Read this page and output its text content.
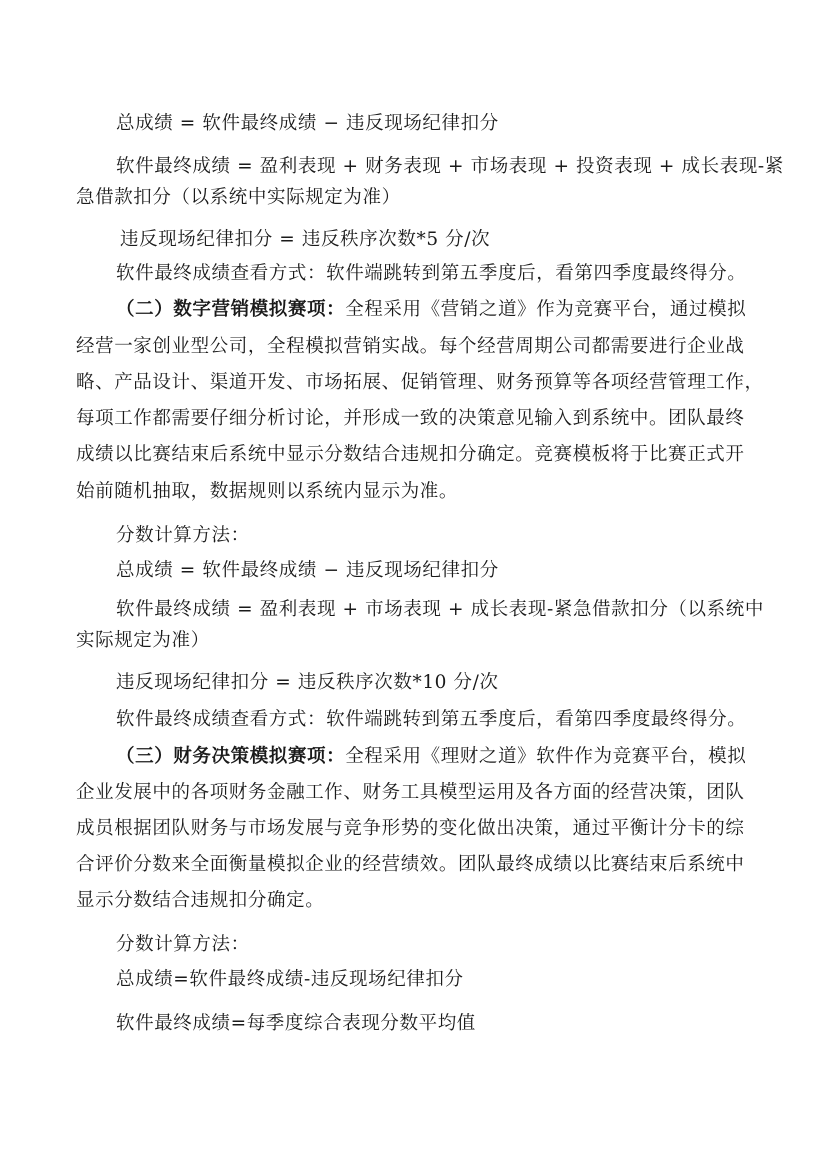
总成绩 = 软件最终成绩 − 违反现场纪律扣分
软件最终成绩 = 盈利表现 + 财务表现 + 市场表现 + 投资表现 + 成长表现-紧
急借款扣分（以系统中实际规定为准）
违反现场纪律扣分 = 违反秩序次数*5 分/次
软件最终成绩查看方式：软件端跳转到第五季度后，看第四季度最终得分。
（二）数字营销模拟赛项：全程采用《营销之道》作为竞赛平台，通过模拟
经营一家创业型公司，全程模拟营销实战。每个经营周期公司都需要进行企业战
略、产品设计、渠道开发、市场拓展、促销管理、财务预算等各项经营管理工作，
每项工作都需要仔细分析讨论，并形成一致的决策意见输入到系统中。团队最终
成绩以比赛结束后系统中显示分数结合违规扣分确定。竞赛模板将于比赛正式开
始前随机抽取，数据规则以系统内显示为准。
分数计算方法：
总成绩 = 软件最终成绩 − 违反现场纪律扣分
软件最终成绩 = 盈利表现 + 市场表现 + 成长表现-紧急借款扣分（以系统中
实际规定为准）
违反现场纪律扣分 = 违反秩序次数*10 分/次
软件最终成绩查看方式：软件端跳转到第五季度后，看第四季度最终得分。
（三）财务决策模拟赛项：全程采用《理财之道》软件作为竞赛平台，模拟
企业发展中的各项财务金融工作、财务工具模型运用及各方面的经营决策，团队
成员根据团队财务与市场发展与竞争形势的变化做出决策，通过平衡计分卡的综
合评价分数来全面衡量模拟企业的经营绩效。团队最终成绩以比赛结束后系统中
显示分数结合违规扣分确定。
分数计算方法：
总成绩=软件最终成绩-违反现场纪律扣分
软件最终成绩=每季度综合表现分数平均值
